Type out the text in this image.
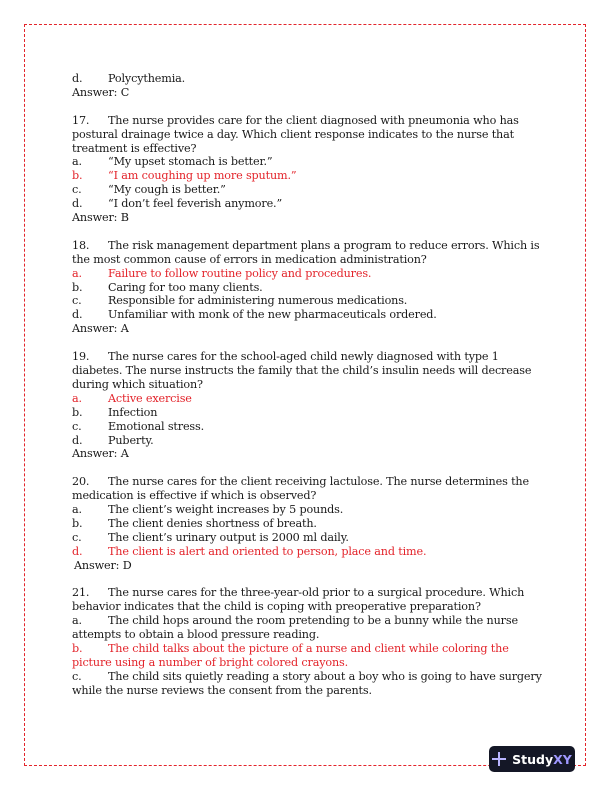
d. Polycythemia.
Answer: C
17. The nurse provides care for the client diagnosed with pneumonia who has postural drainage twice a day. Which client response indicates to the nurse that treatment is effective?
a. “My upset stomach is better.”
b. “I am coughing up more sputum.”
c. “My cough is better.”
d. “I don’t feel feverish anymore.”
Answer: B
18. The risk management department plans a program to reduce errors. Which is the most common cause of errors in medication administration?
a. Failure to follow routine policy and procedures.
b. Caring for too many clients.
c. Responsible for administering numerous medications.
d. Unfamiliar with monk of the new pharmaceuticals ordered.
Answer: A
19. The nurse cares for the school-aged child newly diagnosed with type 1 diabetes. The nurse instructs the family that the child’s insulin needs will decrease during which situation?
a. Active exercise
b. Infection
c. Emotional stress.
d. Puberty.
Answer: A
20. The nurse cares for the client receiving lactulose. The nurse determines the medication is effective if which is observed?
a. The client’s weight increases by 5 pounds.
b. The client denies shortness of breath.
c. The client’s urinary output is 2000 ml daily.
d. The client is alert and oriented to person, place and time.
Answer: D
21. The nurse cares for the three-year-old prior to a surgical procedure. Which behavior indicates that the child is coping with preoperative preparation?
a. The child hops around the room pretending to be a bunny while the nurse attempts to obtain a blood pressure reading.
b. The child talks about the picture of a nurse and client while coloring the picture using a number of bright colored crayons.
c. The child sits quietly reading a story about a boy who is going to have surgery while the nurse reviews the consent from the parents.
StudyXY
